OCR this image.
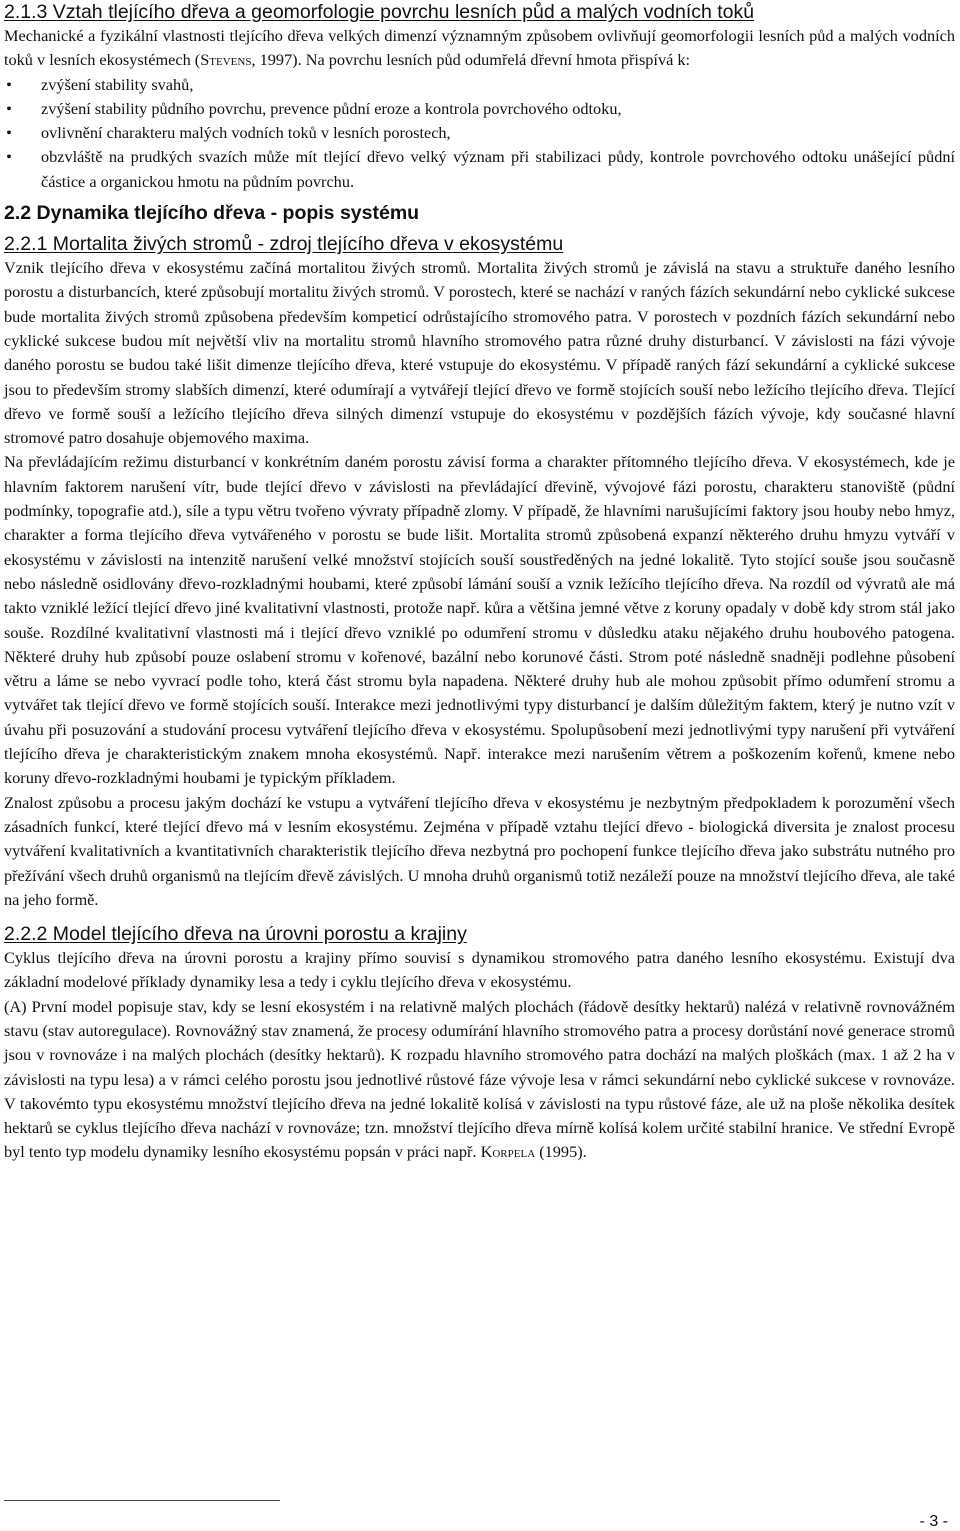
2.1.3 Vztah tlejícího dřeva a geomorfologie povrchu lesních půd a malých vodních toků

Mechanické a fyzikální vlastnosti tlejícího dřeva velkých dimenzí významným způsobem ovlivňují geomorfologii lesních půd a malých vodních toků v lesních ekosystémech (Stevens, 1997). Na povrchu lesních půd odumřelá dřevní hmota přispívá k:

• zvýšení stability svahů,
• zvýšení stability půdního povrchu, prevence půdní eroze a kontrola povrchového odtoku,
• ovlivnění charakteru malých vodních toků v lesních porostech,
• obzvláště na prudkých svazích může mít tlející dřevo velký význam při stabilizaci půdy, kontrole povrchového odtoku unášející půdní částice a organickou hmotu na půdním povrchu.
2.2 Dynamika tlejícího dřeva - popis systému
2.2.1 Mortalita živých stromů - zdroj tlejícího dřeva v ekosystému

Vznik tlejícího dřeva v ekosystému začíná mortalitou živých stromů. Mortalita živých stromů je závislá na stavu a struktuře daného lesního porostu a disturbancích, které způsobují mortalitu živých stromů. V porostech, které se nachází v raných fázích sekundární nebo cyklické sukcese bude mortalita živých stromů způsobena především kompeticí odrůstajícího stromového patra. V porostech v pozdních fázích sekundární nebo cyklické sukcese budou mít největší vliv na mortalitu stromů hlavního stromového patra různé druhy disturbancí. V závislosti na fázi vývoje daného porostu se budou také lišit dimenze tlejícího dřeva, které vstupuje do ekosystému. V případě raných fází sekundární a cyklické sukcese jsou to především stromy slabších dimenzí, které odumírají a vytvářejí tlející dřevo ve formě stojících souší nebo ležícího tlejícího dřeva. Tlející dřevo ve formě souší a ležícího tlejícího dřeva silných dimenzí vstupuje do ekosystému v pozdějších fázích vývoje, kdy současné hlavní stromové patro dosahuje objemového maxima.

Na převládajícím režimu disturbancí v konkrétním daném porostu závisí forma a charakter přítomného tlejícího dřeva. V ekosystémech, kde je hlavním faktorem narušení vítr, bude tlející dřevo v závislosti na převládající dřevině, vývojové fázi porostu, charakteru stanoviště (půdní podmínky, topografie atd.), síle a typu větru tvořeno vývraty případně zlomy. V případě, že hlavními narušujícími faktory jsou houby nebo hmyz, charakter a forma tlejícího dřeva vytvářeného v porostu se bude lišit. Mortalita stromů způsobená expanzí některého druhu hmyzu vytváří v ekosystému v závislosti na intenzitě narušení velké množství stojících souší soustředěných na jedné lokalitě. Tyto stojící souše jsou současně nebo následně osidlovány dřevo-rozkladnými houbami, které způsobí lámání souší a vznik ležícího tlejícího dřeva. Na rozdíl od vývratů ale má takto vzniklé ležící tlející dřevo jiné kvalitativní vlastnosti, protože např. kůra a většina jemné větve z koruny opadaly v době kdy strom stál jako souše. Rozdílné kvalitativní vlastnosti má i tlející dřevo vzniklé po odumření stromu v důsledku ataku nějakého druhu houbového patogena. Některé druhy hub způsobí pouze oslabení stromu v kořenové, bazální nebo korunové části. Strom poté následně snadněji podlehne působení větru a láme se nebo vyvrací podle toho, která část stromu byla napadena. Některé druhy hub ale mohou způsobit přímo odumření stromu a vytvářet tak tlející dřevo ve formě stojících souší. Interakce mezi jednotlivými typy disturbancí je dalším důležitým faktem, který je nutno vzít v úvahu při posuzování a studování procesu vytváření tlejícího dřeva v ekosystému. Spolupůsobení mezi jednotlivými typy narušení při vytváření tlejícího dřeva je charakteristickým znakem mnoha ekosystémů. Např. interakce mezi narušením větrem a poškozením kořenů, kmene nebo koruny dřevo-rozkladnými houbami je typickým příkladem.

Znalost způsobu a procesu jakým dochází ke vstupu a vytváření tlejícího dřeva v ekosystému je nezbytným předpokladem k porozumění všech zásadních funkcí, které tlející dřevo má v lesním ekosystému. Zejména v případě vztahu tlející dřevo - biologická diversita je znalost procesu vytváření kvalitativních a kvantitativních charakteristik tlejícího dřeva nezbytná pro pochopení funkce tlejícího dřeva jako substrátu nutného pro přežívání všech druhů organismů na tlejícím dřevě závislých. U mnoha druhů organismů totiž nezáleží pouze na množství tlejícího dřeva, ale také na jeho formě.

2.2.2 Model tlejícího dřeva na úrovni porostu a krajiny

Cyklus tlejícího dřeva na úrovni porostu a krajiny přímo souvisí s dynamikou stromového patra daného lesního ekosystému. Existují dva základní modelové příklady dynamiky lesa a tedy i cyklu tlejícího dřeva v ekosystému.

(A) První model popisuje stav, kdy se lesní ekosystém i na relativně malých plochách (řádově desítky hektarů) nalézá v relativně rovnovážném stavu (stav autoregulace). Rovnovážný stav znamená, že procesy odumírání hlavního stromového patra a procesy dorůstání nové generace stromů jsou v rovnováze i na malých plochách (desítky hektarů). K rozpadu hlavního stromového patra dochází na malých ploškách (max. 1 až 2 ha v závislosti na typu lesa) a v rámci celého porostu jsou jednotlivé růstové fáze vývoje lesa v rámci sekundární nebo cyklické sukcese v rovnováze. V takovémto typu ekosystému množství tlejícího dřeva na jedné lokalitě kolísá v závislosti na typu růstové fáze, ale už na ploše několika desítek hektarů se cyklus tlejícího dřeva nachází v rovnováze; tzn. množství tlejícího dřeva mírně kolísá kolem určité stabilní hranice. Ve střední Evropě byl tento typ modelu dynamiky lesního ekosystému popsán v práci např. Korpela (1995).

- 3 -
